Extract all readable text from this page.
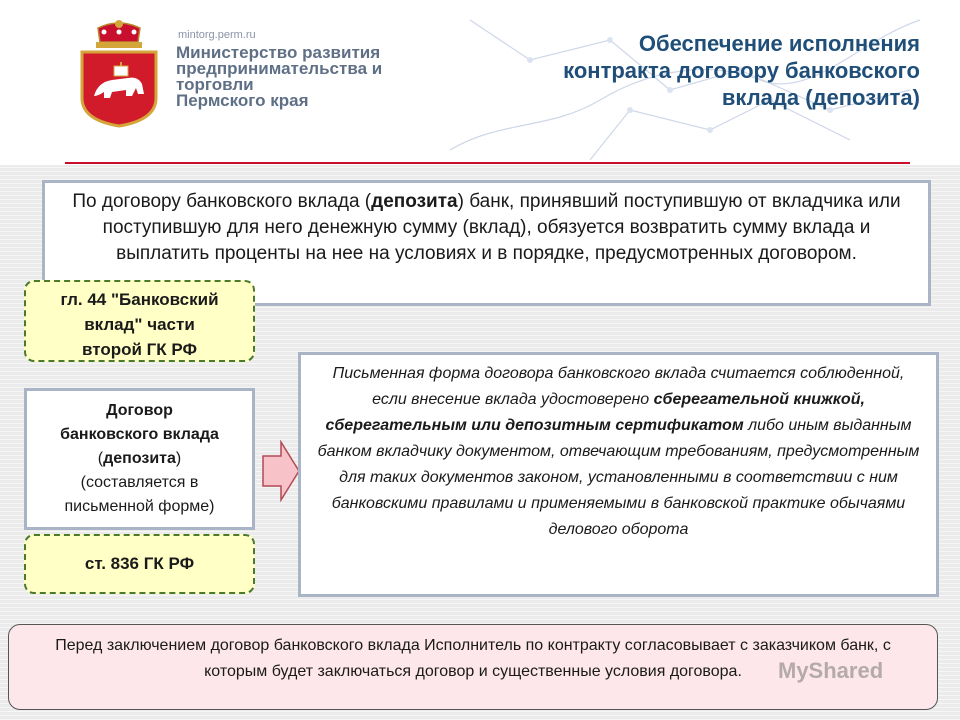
mintorg.perm.ru
Министерство развития
предпринимательства и
торговли
Пермского края
Обеспечение исполнения
контракта договору банковского
вклада (депозита)
По договору банковского вклада (депозита) банк, принявший поступившую от вкладчика или поступившую для него денежную сумму (вклад), обязуется возвратить сумму вклада и выплатить проценты на нее на условиях и в порядке, предусмотренных договором.
гл. 44 "Банковский
вклад" части
второй ГК РФ
Договор
банковского вклада
(депозита)
(составляется в
письменной форме)
ст. 836 ГК РФ
Письменная форма договора банковского вклада считается соблюденной, если внесение вклада удостоверено сберегательной книжкой, сберегательным или депозитным сертификатом либо иным выданным банком вкладчику документом, отвечающим требованиям, предусмотренным для таких документов законом, установленными в соответствии с ним банковскими правилами и применяемыми в банковской практике обычаями делового оборота
Перед заключением договор банковского вклада Исполнитель по контракту согласовывает с заказчиком банк, с которым будет заключаться договор и существенные условия договора.	MyShared
